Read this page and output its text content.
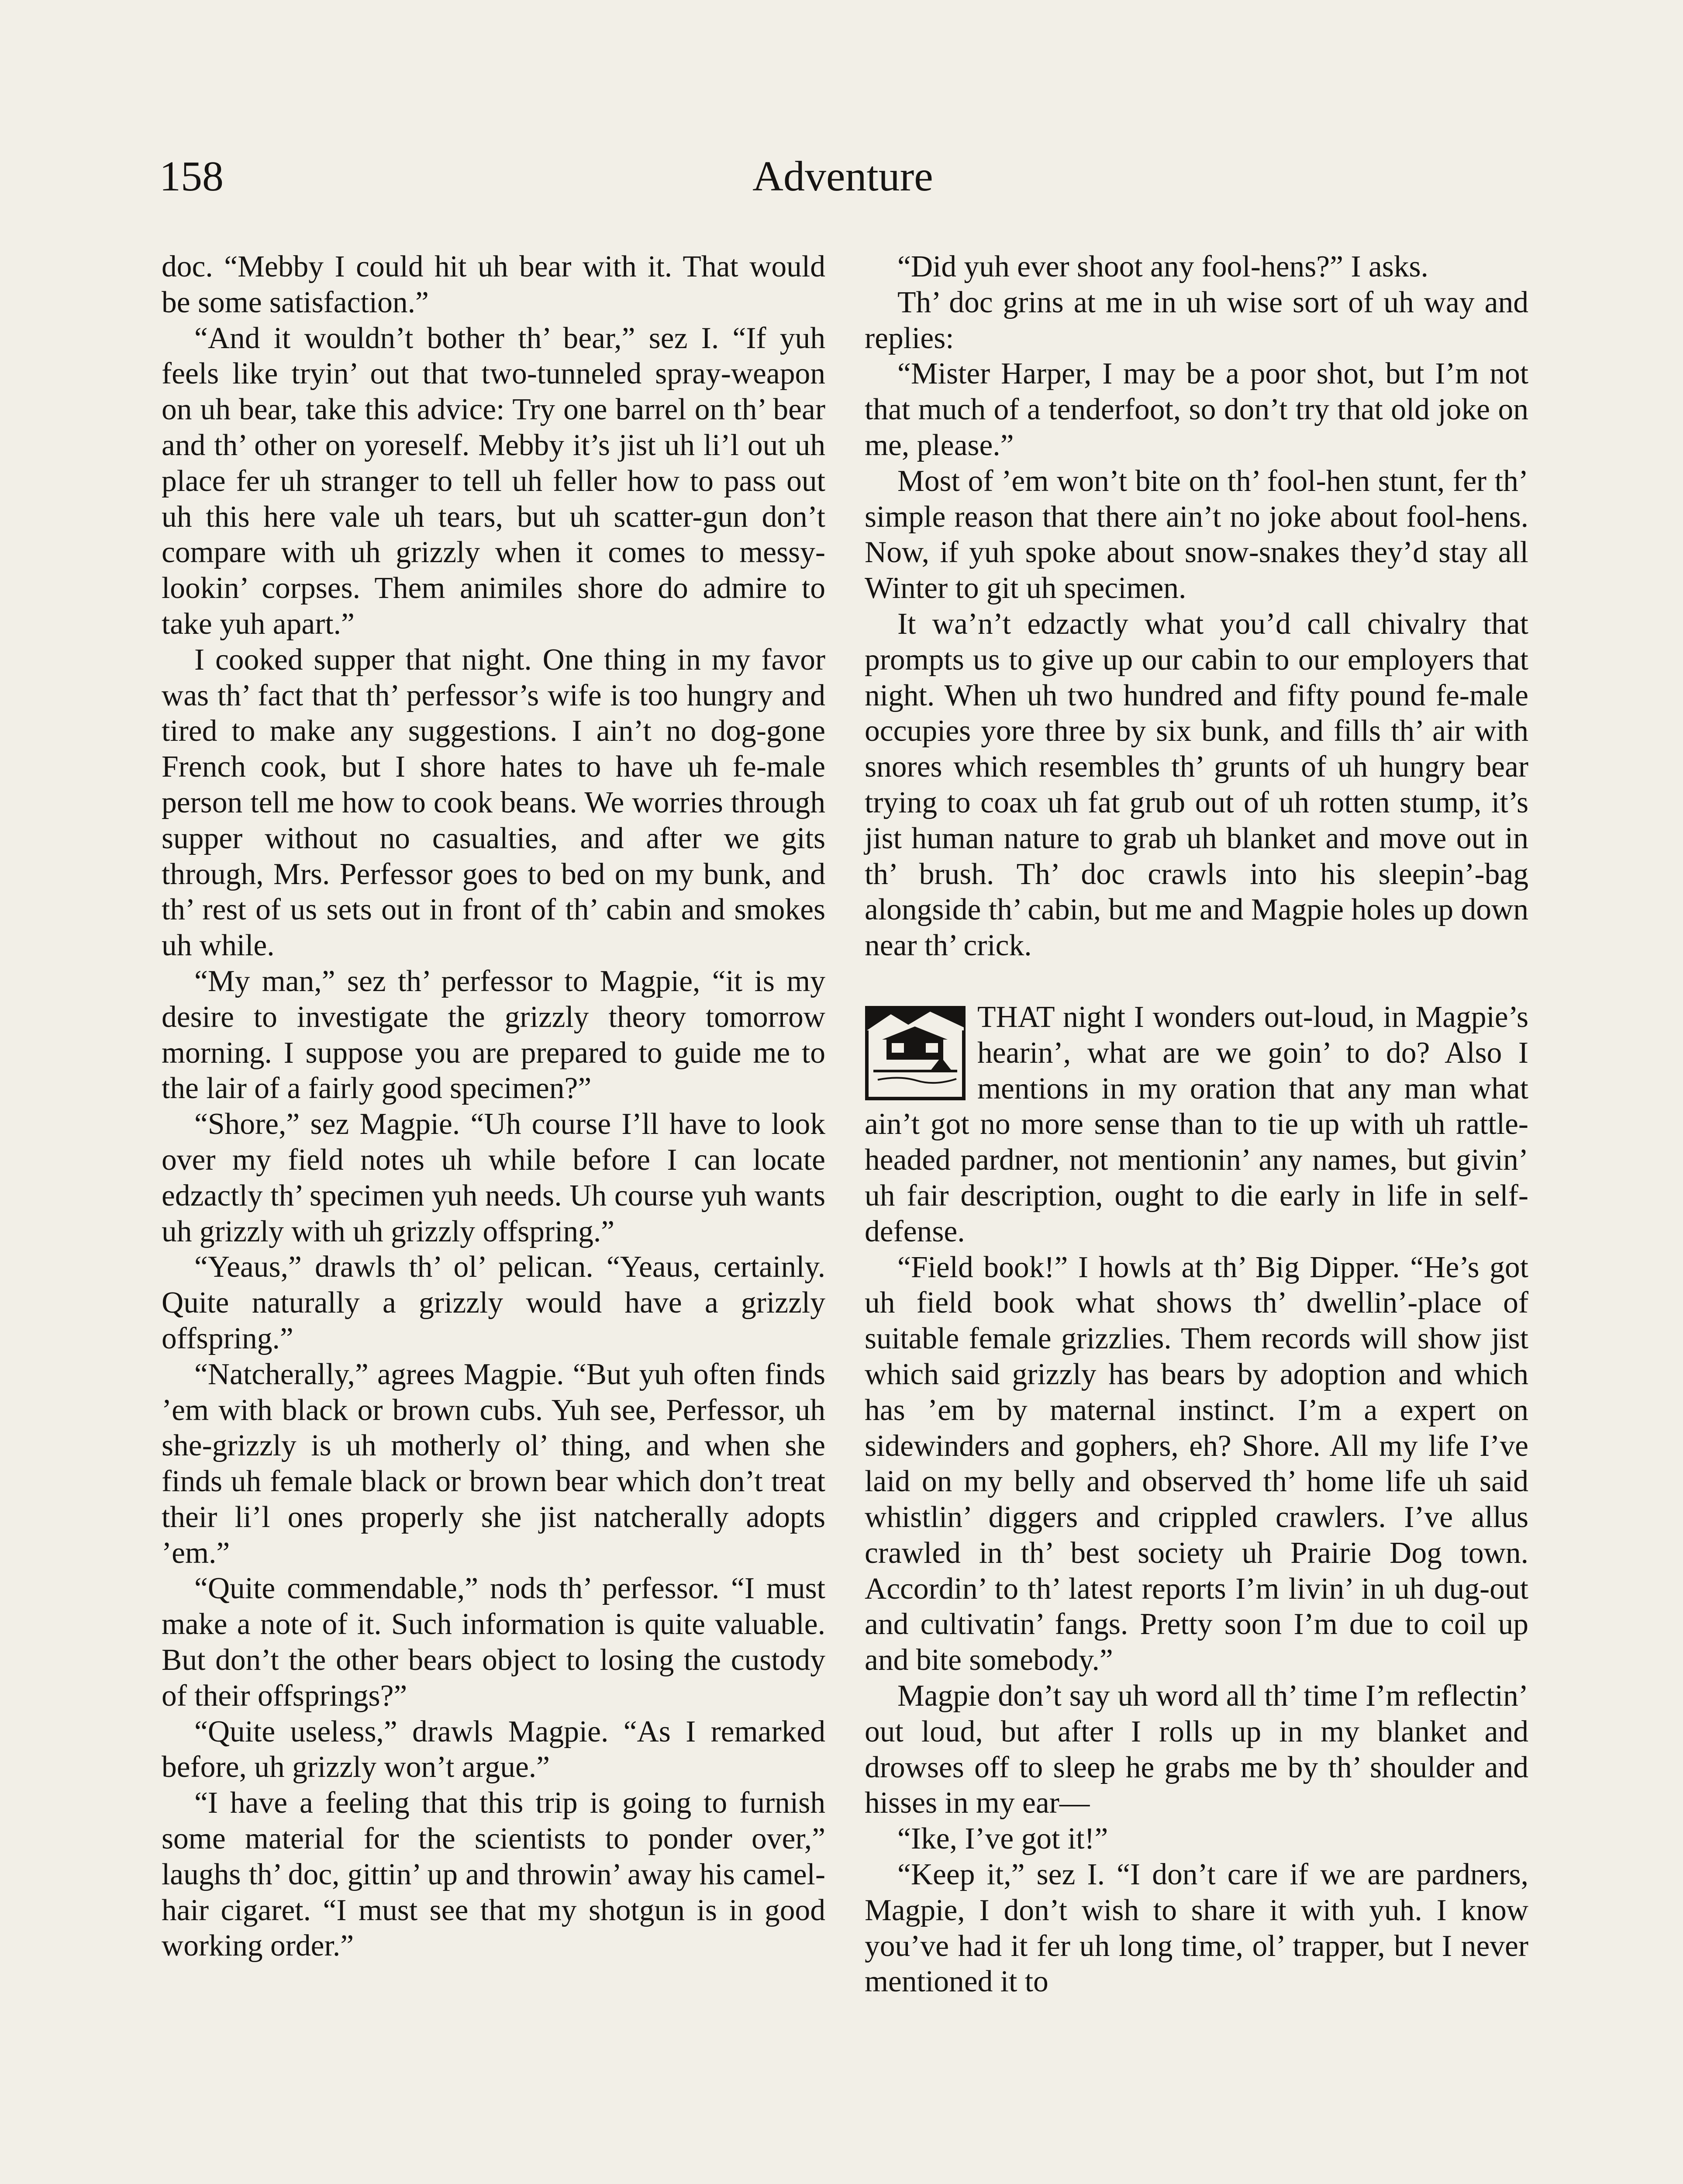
158	Adventure

doc. “Mebby I could hit uh bear with it. That would be some satisfaction.”

“And it wouldn’t bother th’ bear,” sez I. “If yuh feels like tryin’ out that two-tunneled spray-weapon on uh bear, take this advice: Try one barrel on th’ bear and th’ other on yoreself. Mebby it’s jist uh li’l out uh place fer uh stranger to tell uh feller how to pass out uh this here vale uh tears, but uh scatter-gun don’t compare with uh grizzly when it comes to messy-lookin’ corpses. Them animiles shore do admire to take yuh apart.”

I cooked supper that night. One thing in my favor was th’ fact that th’ perfessor’s wife is too hungry and tired to make any suggestions. I ain’t no dog-gone French cook, but I shore hates to have uh fe-male person tell me how to cook beans. We worries through supper without no casualties, and after we gits through, Mrs. Perfessor goes to bed on my bunk, and th’ rest of us sets out in front of th’ cabin and smokes uh while.

“My man,” sez th’ perfessor to Magpie, “it is my desire to investigate the grizzly theory tomorrow morning. I suppose you are prepared to guide me to the lair of a fairly good specimen?”

“Shore,” sez Magpie. “Uh course I’ll have to look over my field notes uh while before I can locate edzactly th’ specimen yuh needs. Uh course yuh wants uh grizzly with uh grizzly offspring.”

“Yeaus,” drawls th’ ol’ pelican. “Yeaus, certainly. Quite naturally a grizzly would have a grizzly offspring.”

“Natcherally,” agrees Magpie. “But yuh often finds ’em with black or brown cubs. Yuh see, Perfessor, uh she-grizzly is uh motherly ol’ thing, and when she finds uh female black or brown bear which don’t treat their li’l ones properly she jist natcherally adopts ’em.”

“Quite commendable,” nods th’ perfessor. “I must make a note of it. Such information is quite valuable. But don’t the other bears object to losing the custody of their offsprings?”

“Quite useless,” drawls Magpie. “As I remarked before, uh grizzly won’t argue.”

“I have a feeling that this trip is going to furnish some material for the scientists to ponder over,” laughs th’ doc, gittin’ up and throwin’ away his camel-hair cigaret. “I must see that my shotgun is in good working order.”

“Did yuh ever shoot any fool-hens?” I asks.

Th’ doc grins at me in uh wise sort of uh way and replies:

“Mister Harper, I may be a poor shot, but I’m not that much of a tenderfoot, so don’t try that old joke on me, please.”

Most of ’em won’t bite on th’ fool-hen stunt, fer th’ simple reason that there ain’t no joke about fool-hens. Now, if yuh spoke about snow-snakes they’d stay all Winter to git uh specimen.

It wa’n’t edzactly what you’d call chivalry that prompts us to give up our cabin to our employers that night. When uh two hundred and fifty pound fe-male occupies yore three by six bunk, and fills th’ air with snores which resembles th’ grunts of uh hungry bear trying to coax uh fat grub out of uh rotten stump, it’s jist human nature to grab uh blanket and move out in th’ brush. Th’ doc crawls into his sleepin’-bag alongside th’ cabin, but me and Magpie holes up down near th’ crick.

THAT night I wonders out-loud, in Magpie’s hearin’, what are we goin’ to do? Also I mentions in my oration that any man what ain’t got no more sense than to tie up with uh rattle-headed pardner, not mentionin’ any names, but givin’ uh fair description, ought to die early in life in self-defense.

“Field book!” I howls at th’ Big Dipper. “He’s got uh field book what shows th’ dwellin’-place of suitable female grizzlies. Them records will show jist which said grizzly has bears by adoption and which has ’em by maternal instinct. I’m a expert on sidewinders and gophers, eh? Shore. All my life I’ve laid on my belly and observed th’ home life uh said whistlin’ diggers and crippled crawlers. I’ve allus crawled in th’ best society uh Prairie Dog town. Accordin’ to th’ latest reports I’m livin’ in uh dug-out and cultivatin’ fangs. Pretty soon I’m due to coil up and bite somebody.”

Magpie don’t say uh word all th’ time I’m reflectin’ out loud, but after I rolls up in my blanket and drowses off to sleep he grabs me by th’ shoulder and hisses in my ear—

“Ike, I’ve got it!”

“Keep it,” sez I. “I don’t care if we are pardners, Magpie, I don’t wish to share it with yuh. I know you’ve had it fer uh long time, ol’ trapper, but I never mentioned it to
